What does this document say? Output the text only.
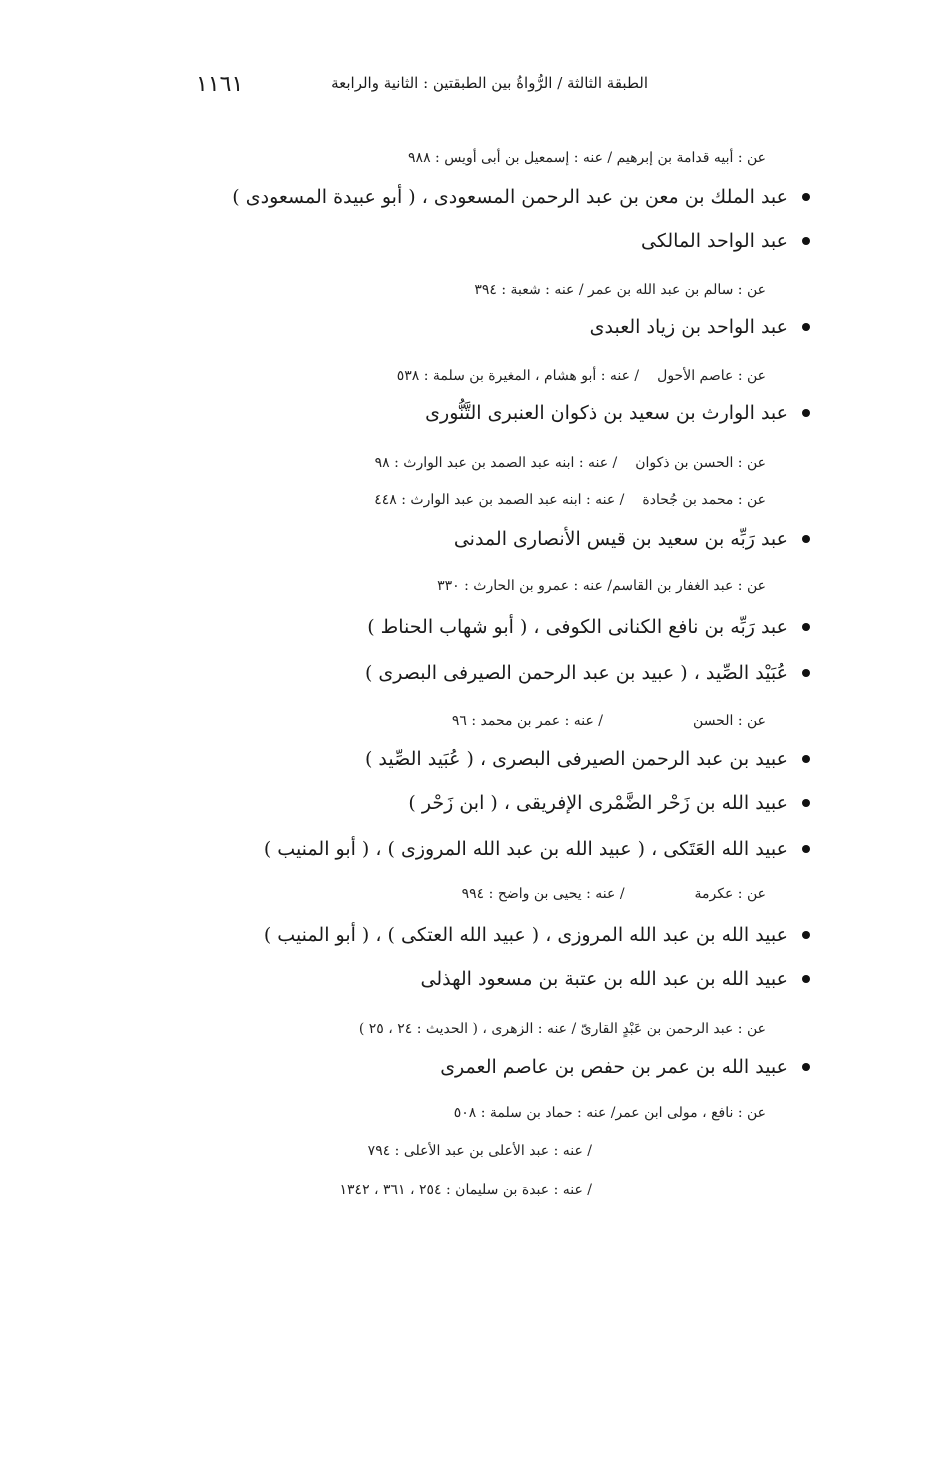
١١٦١	الطبقة الثالثة / الرُّواةُ بين الطبقتين : الثانية والرابعة
عن : أبيه قدامة بن إبرهيم / عنه : إسمعيل بن أبى أويس : ٩٨٨
عبد الملك بن معن بن عبد الرحمن المسعودى ، ( أبو عبيدة المسعودى )
عبد الواحد المالكى
عن : سالم بن عبد الله بن عمر / عنه : شعبة : ٣٩٤
عبد الواحد بن زياد العبدى
عن : عاصم الأحول/ عنه : أبو هشام ، المغيرة بن سلمة : ٥٣٨
عبد الوارث بن سعيد بن ذكوان العنبرى التَّنُّورى
عن : الحسن بن ذكوان/ عنه : ابنه عبد الصمد بن عبد الوارث : ٩٨
عن : محمد بن جُحادة/ عنه : ابنه عبد الصمد بن عبد الوارث : ٤٤٨
عبد رَبِّه بن سعيد بن قيس الأنصارى المدنى
عن : عبد الغفار بن القاسم/ عنه : عمرو بن الحارث : ٣٣٠
عبد رَبِّه بن نافع الكنانى الكوفى ، ( أبو شهاب الحناط )
عُبَيْد الصِّيد ، ( عبيد بن عبد الرحمن الصيرفى البصرى )
عن : الحسن/ عنه : عمر بن محمد : ٩٦
عبيد بن عبد الرحمن الصيرفى البصرى ، ( عُبَيد الصِّيد )
عبيد الله بن زَحْر الضَّمْرى الإفريقى ، ( ابن زَحْر )
عبيد الله العَتَكى ، ( عبيد الله بن عبد الله المروزى ) ، ( أبو المنيب )
عن : عكرمة/ عنه : يحيى بن واضح : ٩٩٤
عبيد الله بن عبد الله المروزى ، ( عبيد الله العتكى ) ، ( أبو المنيب )
عبيد الله بن عبد الله بن عتبة بن مسعود الهذلى
عن : عبد الرحمن بن عَبْدٍ القارىّ / عنه : الزهرى ، ( الحديث : ٢٤ ، ٢٥ )
عبيد الله بن عمر بن حفص بن عاصم العمرى
عن : نافع ، مولى ابن عمر/ عنه : حماد بن سلمة : ٥٠٨
/ عنه : عبد الأعلى بن عبد الأعلى : ٧٩٤
/ عنه : عبدة بن سليمان : ٢٥٤ ، ٣٦١ ، ١٣٤٢
